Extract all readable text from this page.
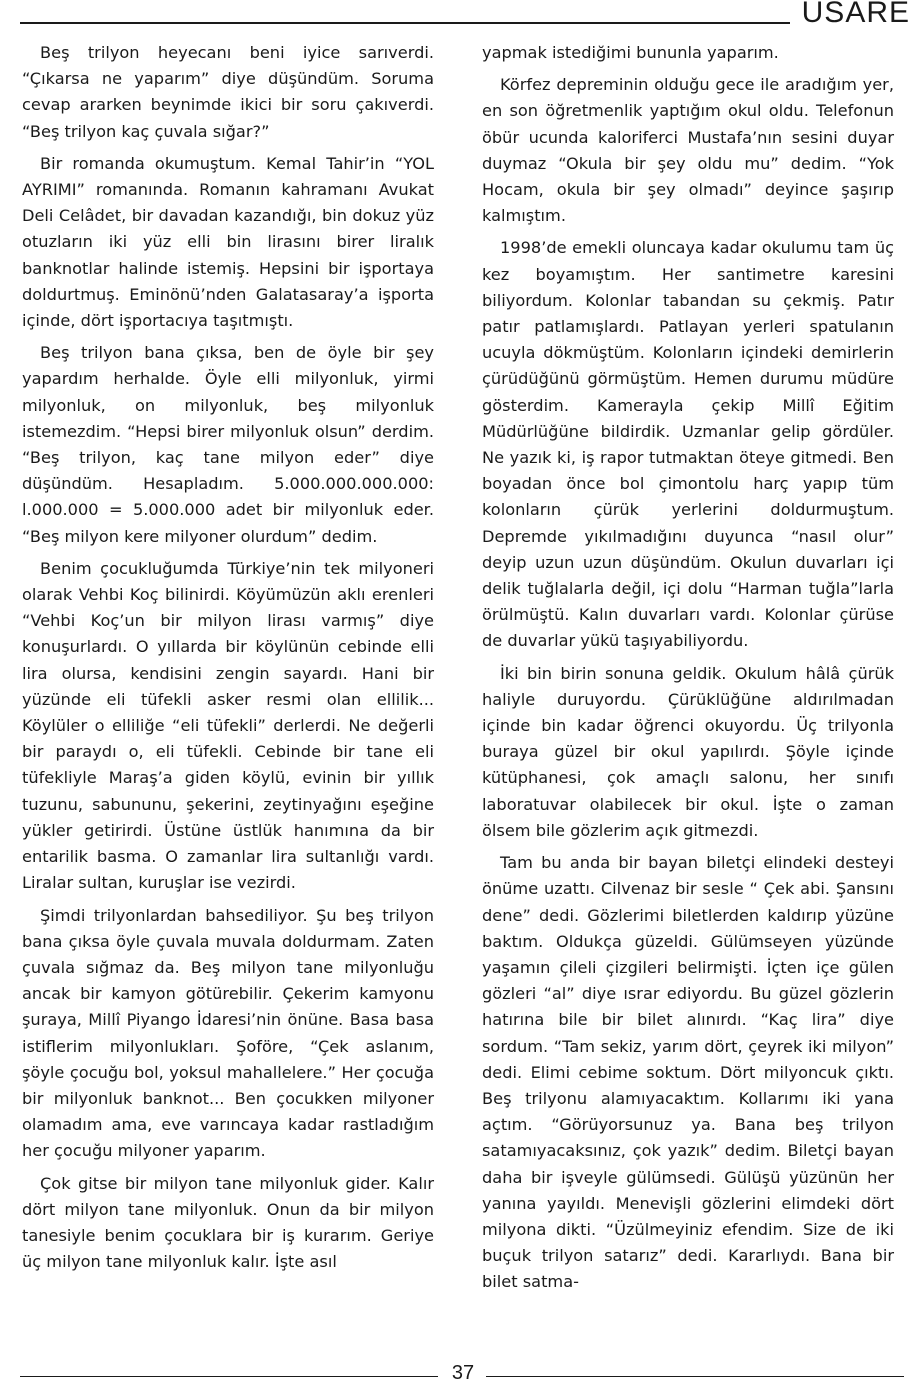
USARE

Beş trilyon heyecanı beni iyice sarıverdi. “Çıkarsa ne yaparım” diye düşündüm. Soruma cevap ararken beynimde ikici bir soru çakıverdi. “Beş trilyon kaç çuvala sığar?”

Bir romanda okumuştum. Kemal Tahir’in “YOL AYRIMI” romanında. Romanın kahramanı Avukat Deli Celâdet, bir davadan kazandığı, bin dokuz yüz otuzların iki yüz elli bin lirasını birer liralık banknotlar halinde istemiş. Hepsini bir işportaya doldurtmuş. Eminönü’nden Galatasaray’a işporta içinde, dört işportacıya taşıtmıştı.

Beş trilyon bana çıksa, ben de öyle bir şey yapardım herhalde. Öyle elli milyonluk, yirmi milyonluk, on milyonluk, beş milyonluk istemezdim. “Hepsi birer milyonluk olsun” derdim. “Beş trilyon, kaç tane milyon eder” diye düşündüm. Hesapladım. 5.000.000.000.000: l.000.000 = 5.000.000 adet bir milyonluk eder. “Beş milyon kere milyoner olurdum” dedim.

Benim çocukluğumda Türkiye’nin tek milyoneri olarak Vehbi Koç bilinirdi. Köyümüzün aklı erenleri “Vehbi Koç’un bir milyon lirası varmış” diye konuşurlardı. O yıllarda bir köylünün cebinde elli lira olursa, kendisini zengin sayardı. Hani bir yüzünde eli tüfekli asker resmi olan ellilik... Köylüler o elliliğe “eli tüfekli” derlerdi. Ne değerli bir paraydı o, eli tüfekli. Cebinde bir tane eli tüfekliyle Maraş’a giden köylü, evinin bir yıllık tuzunu, sabununu, şekerini, zeytinyağını eşeğine yükler getirirdi. Üstüne üstlük hanımına da bir entarilik basma. O zamanlar lira sultanlığı vardı. Liralar sultan, kuruşlar ise vezirdi.

Şimdi trilyonlardan bahsediliyor. Şu beş trilyon bana çıksa öyle çuvala muvala doldurmam. Zaten çuvala sığmaz da. Beş milyon tane milyonluğu ancak bir kamyon götürebilir. Çekerim kamyonu şuraya, Millî Piyango İdaresi’nin önüne. Basa basa istiflerim milyonlukları. Şoföre, “Çek aslanım, şöyle çocuğu bol, yoksul mahallelere.” Her çocuğa bir milyonluk banknot... Ben çocukken milyoner olamadım ama, eve varıncaya kadar rastladığım her çocuğu milyoner yaparım.

Çok gitse bir milyon tane milyonluk gider. Kalır dört milyon tane milyonluk. Onun da bir milyon tanesiyle benim çocuklara bir iş kurarım. Geriye üç milyon tane milyonluk kalır. İşte asıl

yapmak istediğimi bununla yaparım.

Körfez depreminin olduğu gece ile aradığım yer, en son öğretmenlik yaptığım okul oldu. Telefonun öbür ucunda kaloriferci Mustafa’nın sesini duyar duymaz “Okula bir şey oldu mu” dedim. “Yok Hocam, okula bir şey olmadı” deyince şaşırıp kalmıştım.

1998’de emekli oluncaya kadar okulumu tam üç kez boyamıştım. Her santimetre karesini biliyordum. Kolonlar tabandan su çekmiş. Patır patır patlamışlardı. Patlayan yerleri spatulanın ucuyla dökmüştüm. Kolonların içindeki demirlerin çürüdüğünü görmüştüm. Hemen durumu müdüre gösterdim. Kamerayla çekip Millî Eğitim Müdürlüğüne bildirdik. Uzmanlar gelip gördüler. Ne yazık ki, iş rapor tutmaktan öteye gitmedi. Ben boyadan önce bol çimontolu harç yapıp tüm kolonların çürük yerlerini doldurmuştum. Depremde yıkılmadığını duyunca “nasıl olur” deyip uzun uzun düşündüm. Okulun duvarları içi delik tuğlalarla değil, içi dolu “Harman tuğla”larla örülmüştü. Kalın duvarları vardı. Kolonlar çürüse de duvarlar yükü taşıyabiliyordu.

İki bin birin sonuna geldik. Okulum hâlâ çürük haliyle duruyordu. Çürüklüğüne aldırılmadan içinde bin kadar öğrenci okuyordu. Üç trilyonla buraya güzel bir okul yapılırdı. Şöyle içinde kütüphanesi, çok amaçlı salonu, her sınıfı laboratuvar olabilecek bir okul. İşte o zaman ölsem bile gözlerim açık gitmezdi.

Tam bu anda bir bayan biletçi elindeki desteyi önüme uzattı. Cilvenaz bir sesle “ Çek abi. Şansını dene” dedi. Gözlerimi biletlerden kaldırıp yüzüne baktım. Oldukça güzeldi. Gülümseyen yüzünde yaşamın çileli çizgileri belirmişti. İçten içe gülen gözleri “al” diye ısrar ediyordu. Bu güzel gözlerin hatırına bile bir bilet alınırdı. “Kaç lira” diye sordum. “Tam sekiz, yarım dört, çeyrek iki milyon” dedi. Elimi cebime soktum. Dört milyoncuk çıktı. Beş trilyonu alamıyacaktım. Kollarımı iki yana açtım. “Görüyorsunuz ya. Bana beş trilyon satamıyacaksınız, çok yazık” dedim. Biletçi bayan daha bir işveyle gülümsedi. Gülüşü yüzünün her yanına yayıldı. Menevişli gözlerini elimdeki dört milyona dikti. “Üzülmeyiniz efendim. Size de iki buçuk trilyon satarız” dedi. Kararlıydı. Bana bir bilet satma-

37
